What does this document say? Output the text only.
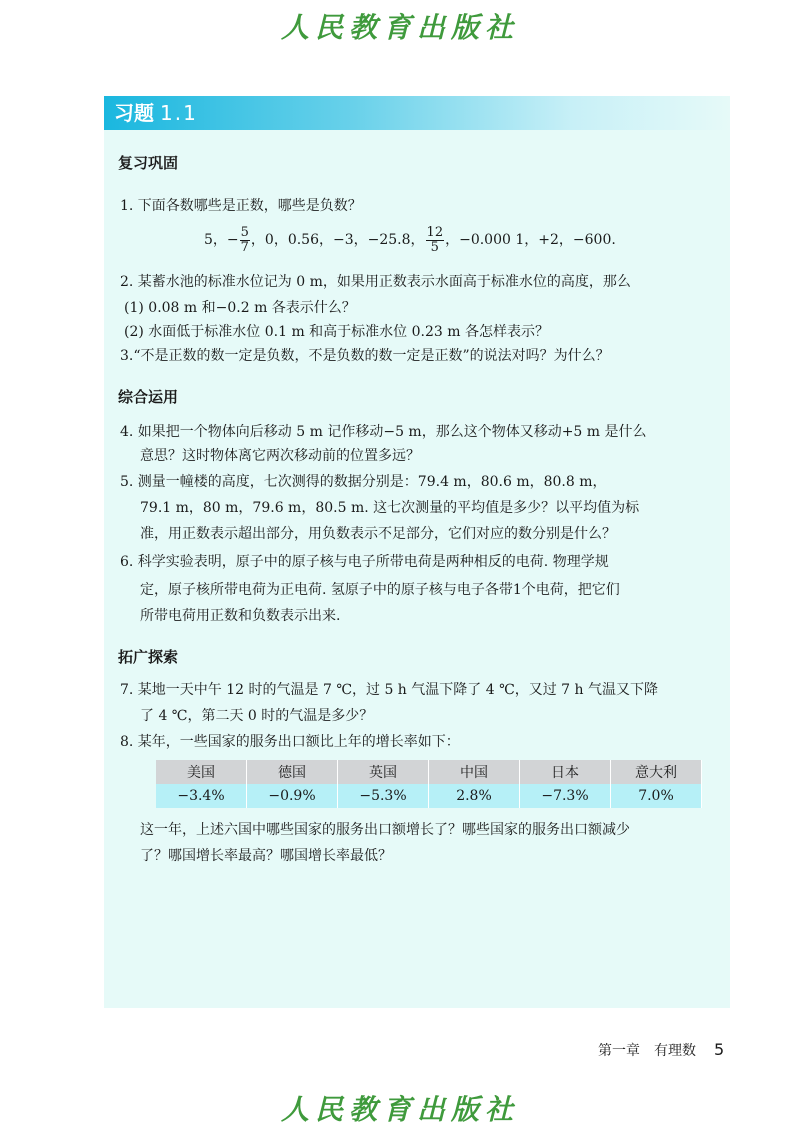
人民教育出版社
习题 1.1
复习巩固
1. 下面各数哪些是正数，哪些是负数？
5，− $\frac{5}{7}$ ，0，0.56，−3，−25.8， $\frac{12}{5}$ ，−0.000 1，+2，−600.
2. 某蓄水池的标准水位记为 0 m，如果用正数表示水面高于标准水位的高度，那么
(1) 0.08 m 和−0.2 m 各表示什么？
(2) 水面低于标准水位 0.1 m 和高于标准水位 0.23 m 各怎样表示？
3.“不是正数的数一定是负数，不是负数的数一定是正数”的说法对吗？为什么？
综合运用
4. 如果把一个物体向后移动 5 m 记作移动−5 m，那么这个物体又移动+5 m 是什么
意思？这时物体离它两次移动前的位置多远？
5. 测量一幢楼的高度，七次测得的数据分别是：79.4 m，80.6 m，80.8 m，
79.1 m，80 m，79.6 m，80.5 m. 这七次测量的平均值是多少？以平均值为标
准，用正数表示超出部分，用负数表示不足部分，它们对应的数分别是什么？
6. 科学实验表明，原子中的原子核与电子所带电荷是两种相反的电荷. 物理学规
定，原子核所带电荷为正电荷. 氢原子中的原子核与电子各带1个电荷，把它们
所带电荷用正数和负数表示出来.
拓广探索
7. 某地一天中午 12 时的气温是 7 ℃，过 5 h 气温下降了 4 ℃，又过 7 h 气温又下降
了 4 ℃，第二天 0 时的气温是多少？
8. 某年，一些国家的服务出口额比上年的增长率如下：
美国	德国	英国	中国	日本	意大利
−3.4%	−0.9%	−5.3%	2.8%	−7.3%	7.0%
这一年，上述六国中哪些国家的服务出口额增长了？哪些国家的服务出口额减少
了？哪国增长率最高？哪国增长率最低？
第一章　有理数 5
人民教育出版社
